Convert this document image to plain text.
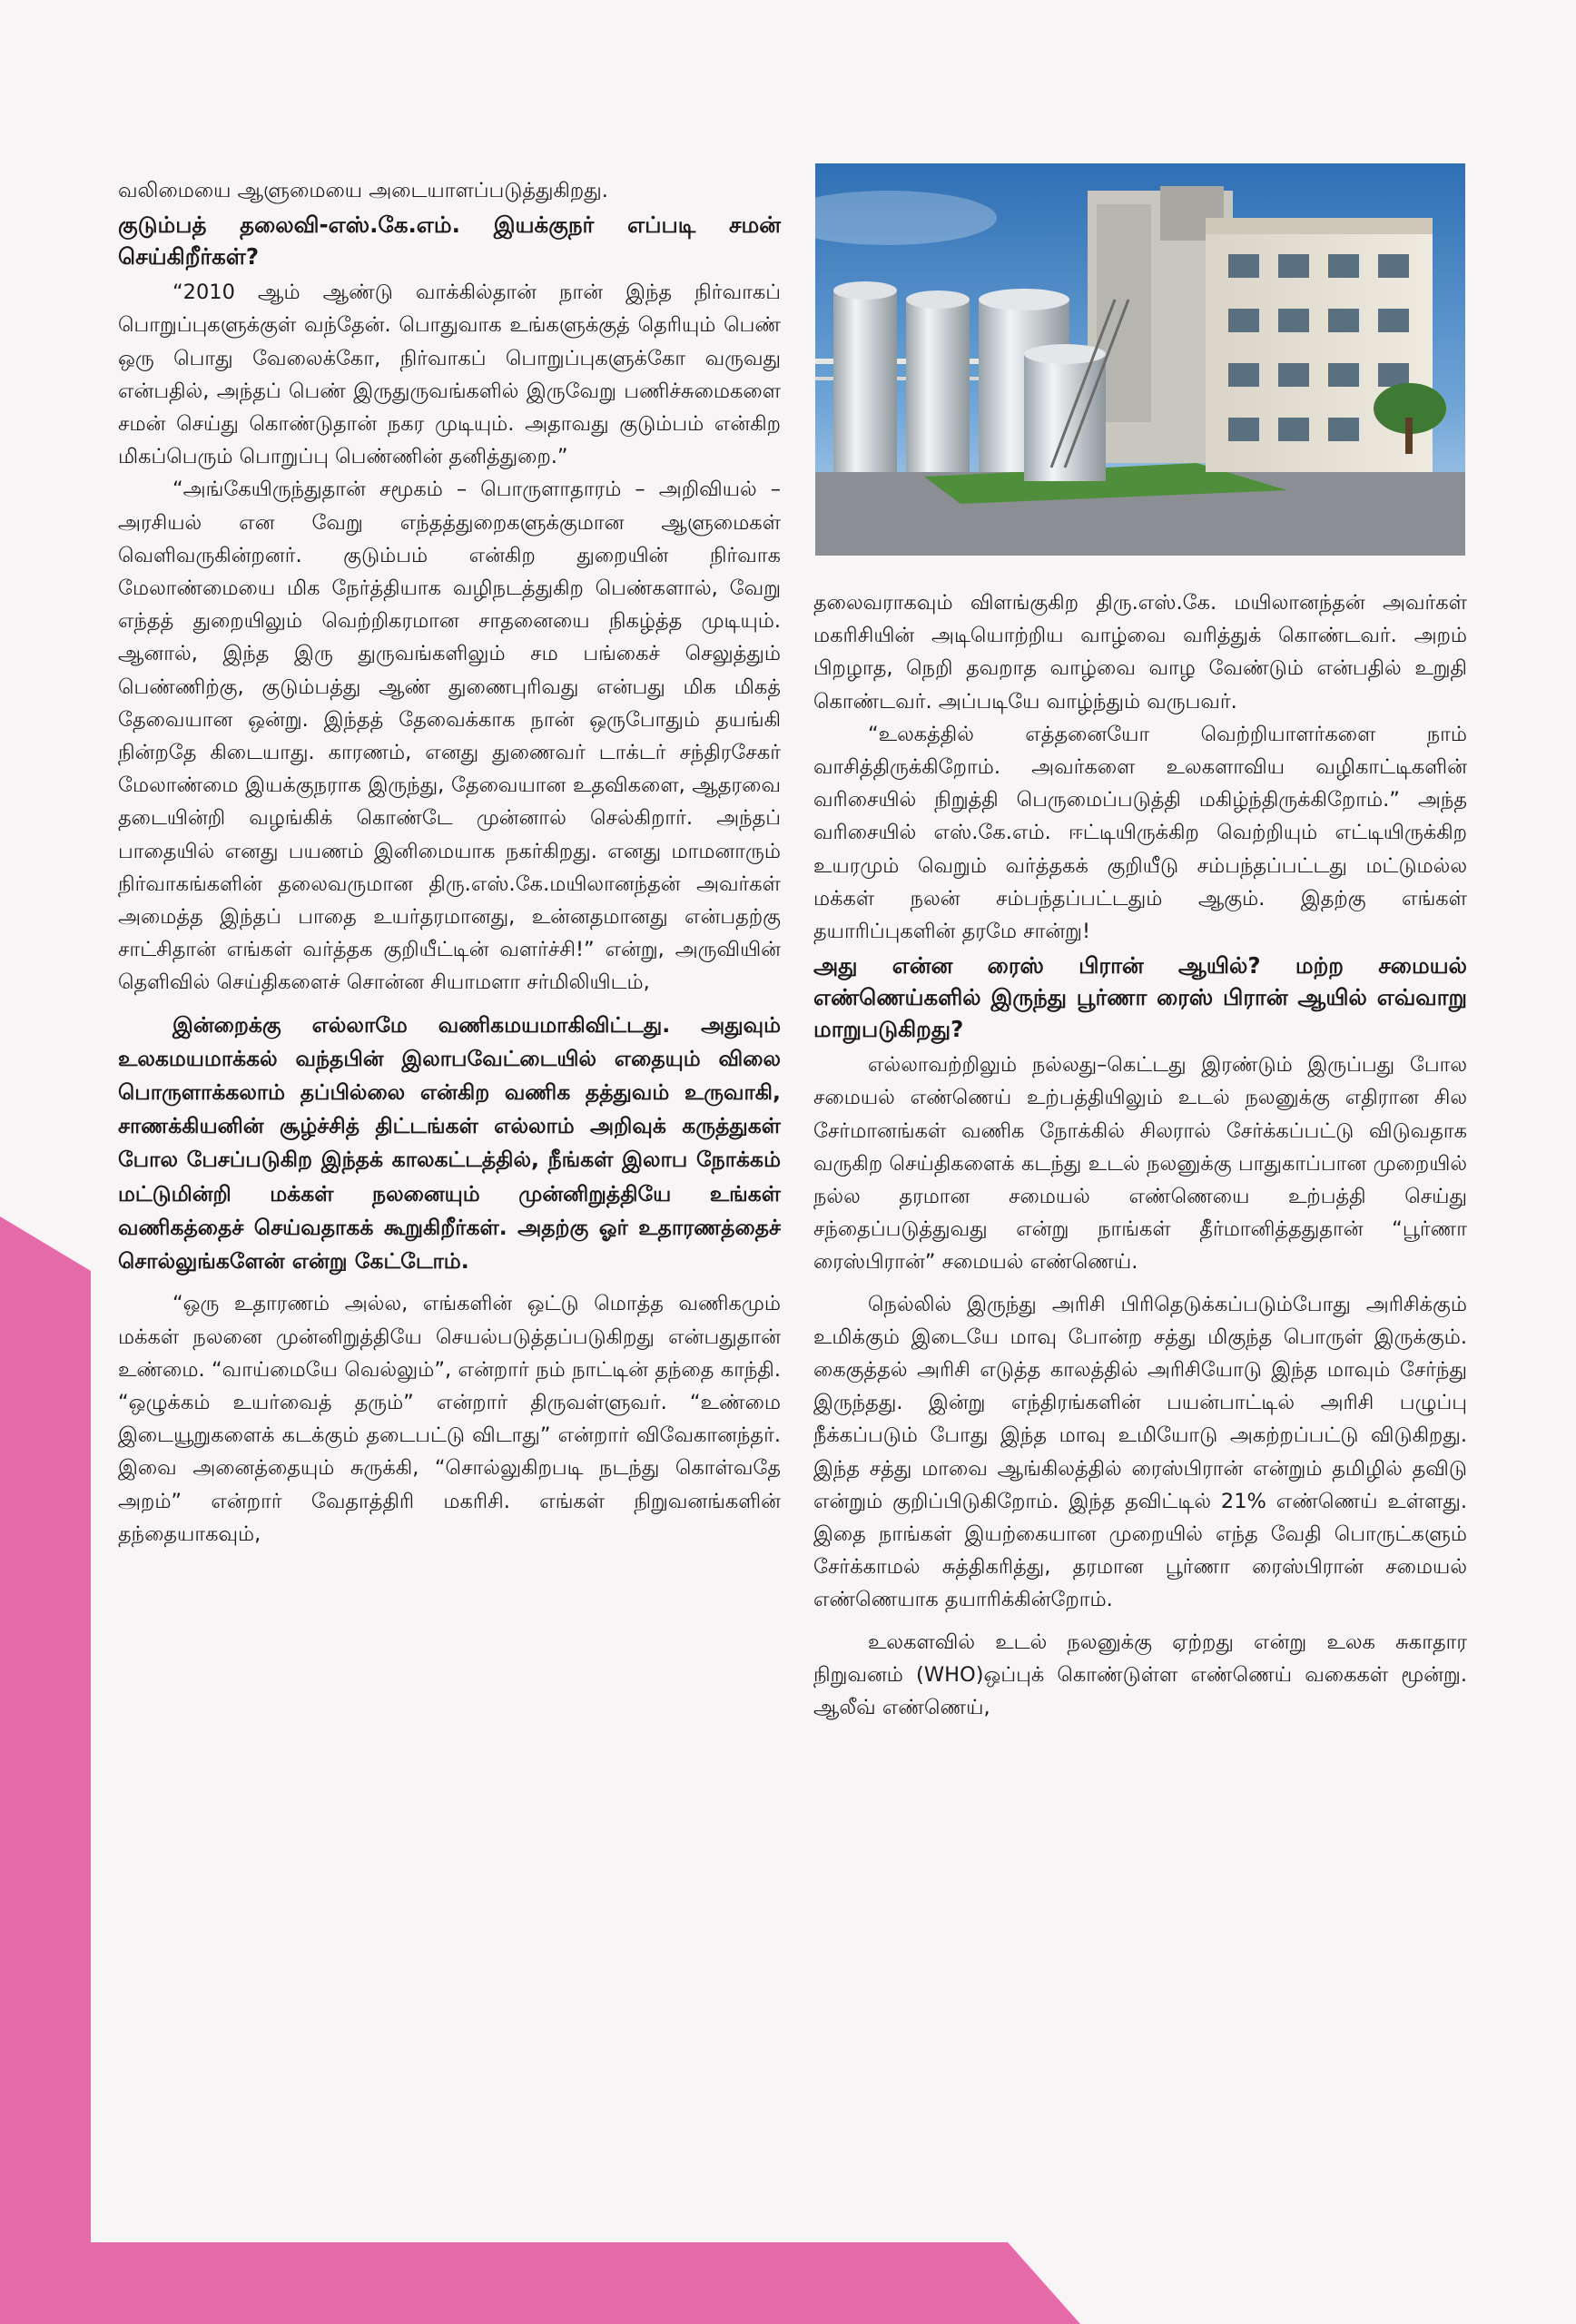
வலிமையை ஆளுமையை அடையாளப்படுத்துகிறது.

குடும்பத் தலைவி-எஸ்.கே.எம். இயக்குநர் எப்படி சமன் செய்கிறீர்கள்?

“2010 ஆம் ஆண்டு வாக்கில்தான் நான் இந்த நிர்வாகப் பொறுப்புகளுக்குள் வந்தேன். பொதுவாக உங்களுக்குத் தெரியும் பெண் ஒரு பொது வேலைக்கோ, நிர்வாகப் பொறுப்புகளுக்கோ வருவது என்பதில், அந்தப் பெண் இருதுருவங்களில் இருவேறு பணிச்சுமைகளை சமன் செய்து கொண்டுதான் நகர முடியும். அதாவது குடும்பம் என்கிற மிகப்பெரும் பொறுப்பு பெண்ணின் தனித்துறை.”

“அங்கேயிருந்துதான் சமூகம் – பொருளாதாரம் – அறிவியல் – அரசியல் என வேறு எந்தத்துறைகளுக்குமான ஆளுமைகள் வெளிவருகின்றனர். குடும்பம் என்கிற துறையின் நிர்வாக மேலாண்மையை மிக நேர்த்தியாக வழிநடத்துகிற பெண்களால், வேறு எந்தத் துறையிலும் வெற்றிகரமான சாதனையை நிகழ்த்த முடியும். ஆனால், இந்த இரு துருவங்களிலும் சம பங்கைச் செலுத்தும் பெண்ணிற்கு, குடும்பத்து ஆண் துணைபுரிவது என்பது மிக மிகத் தேவையான ஒன்று. இந்தத் தேவைக்காக நான் ஒருபோதும் தயங்கி நின்றதே கிடையாது. காரணம், எனது துணைவர் டாக்டர் சந்திரசேகர் மேலாண்மை இயக்குநராக இருந்து, தேவையான உதவிகளை, ஆதரவை தடையின்றி வழங்கிக் கொண்டே முன்னால் செல்கிறார். அந்தப் பாதையில் எனது பயணம் இனிமையாக நகர்கிறது. எனது மாமனாரும் நிர்வாகங்களின் தலைவருமான திரு.எஸ்.கே.மயிலானந்தன் அவர்கள் அமைத்த இந்தப் பாதை உயர்தரமானது, உன்னதமானது என்பதற்கு சாட்சிதான் எங்கள் வர்த்தக குறியீட்டின் வளர்ச்சி!” என்று, அருவியின் தெளிவில் செய்திகளைச் சொன்ன சியாமளா சர்மிலியிடம்,

இன்றைக்கு எல்லாமே வணிகமயமாகிவிட்டது. அதுவும் உலகமயமாக்கல் வந்தபின் இலாபவேட்டையில் எதையும் விலை பொருளாக்கலாம் தப்பில்லை என்கிற வணிக தத்துவம் உருவாகி, சாணக்கியனின் சூழ்ச்சித் திட்டங்கள் எல்லாம் அறிவுக் கருத்துகள் போல பேசப்படுகிற இந்தக் காலகட்டத்தில், நீங்கள் இலாப நோக்கம் மட்டுமின்றி மக்கள் நலனையும் முன்னிறுத்தியே உங்கள் வணிகத்தைச் செய்வதாகக் கூறுகிறீர்கள். அதற்கு ஓர் உதாரணத்தைச் சொல்லுங்களேன் என்று கேட்டோம்.

“ஒரு உதாரணம் அல்ல, எங்களின் ஒட்டு மொத்த வணிகமும் மக்கள் நலனை முன்னிறுத்தியே செயல்படுத்தப்படுகிறது என்பதுதான் உண்மை. “வாய்மையே வெல்லும்”, என்றார் நம் நாட்டின் தந்தை காந்தி. “ஒழுக்கம் உயர்வைத் தரும்” என்றார் திருவள்ளுவர். “உண்மை இடையூறுகளைக் கடக்கும் தடைபட்டு விடாது” என்றார் விவேகானந்தர். இவை அனைத்தையும் சுருக்கி, “சொல்லுகிறபடி நடந்து கொள்வதே அறம்” என்றார் வேதாத்திரி மகரிசி. எங்கள் நிறுவனங்களின் தந்தையாகவும்,

தலைவராகவும் விளங்குகிற திரு.எஸ்.கே. மயிலானந்தன் அவர்கள் மகரிசியின் அடியொற்றிய வாழ்வை வரித்துக் கொண்டவர். அறம் பிறழாத, நெறி தவறாத வாழ்வை வாழ வேண்டும் என்பதில் உறுதி கொண்டவர். அப்படியே வாழ்ந்தும் வருபவர்.

“உலகத்தில் எத்தனையோ வெற்றியாளர்களை நாம் வாசித்திருக்கிறோம். அவர்களை உலகளாவிய வழிகாட்டிகளின் வரிசையில் நிறுத்தி பெருமைப்படுத்தி மகிழ்ந்திருக்கிறோம்.” அந்த வரிசையில் எஸ்.கே.எம். ஈட்டியிருக்கிற வெற்றியும் எட்டியிருக்கிற உயரமும் வெறும் வர்த்தகக் குறியீடு சம்பந்தப்பட்டது மட்டுமல்ல மக்கள் நலன் சம்பந்தப்பட்டதும் ஆகும். இதற்கு எங்கள் தயாரிப்புகளின் தரமே சான்று!

அது என்ன ரைஸ் பிரான் ஆயில்? மற்ற சமையல் எண்ணெய்களில் இருந்து பூர்ணா ரைஸ் பிரான் ஆயில் எவ்வாறு மாறுபடுகிறது?

எல்லாவற்றிலும் நல்லது–கெட்டது இரண்டும் இருப்பது போல சமையல் எண்ணெய் உற்பத்தியிலும் உடல் நலனுக்கு எதிரான சில சேர்மானங்கள் வணிக நோக்கில் சிலரால் சேர்க்கப்பட்டு விடுவதாக வருகிற செய்திகளைக் கடந்து உடல் நலனுக்கு பாதுகாப்பான முறையில் நல்ல தரமான சமையல் எண்ணெயை உற்பத்தி செய்து சந்தைப்படுத்துவது என்று நாங்கள் தீர்மானித்ததுதான் “பூர்ணா ரைஸ்பிரான்” சமையல் எண்ணெய்.

நெல்லில் இருந்து அரிசி பிரிதெடுக்கப்படும்போது அரிசிக்கும் உமிக்கும் இடையே மாவு போன்ற சத்து மிகுந்த பொருள் இருக்கும். கைகுத்தல் அரிசி எடுத்த காலத்தில் அரிசியோடு இந்த மாவும் சேர்ந்து இருந்தது. இன்று எந்திரங்களின் பயன்பாட்டில் அரிசி பழுப்பு நீக்கப்படும் போது இந்த மாவு உமியோடு அகற்றப்பட்டு விடுகிறது. இந்த சத்து மாவை ஆங்கிலத்தில் ரைஸ்பிரான் என்றும் தமிழில் தவிடு என்றும் குறிப்பிடுகிறோம். இந்த தவிட்டில் 21% எண்ணெய் உள்ளது. இதை நாங்கள் இயற்கையான முறையில் எந்த வேதி பொருட்களும் சேர்க்காமல் சுத்திகரித்து, தரமான பூர்ணா ரைஸ்பிரான் சமையல் எண்ணெயாக தயாரிக்கின்றோம்.

உலகளவில் உடல் நலனுக்கு ஏற்றது என்று உலக சுகாதார நிறுவனம் (WHO)ஒப்புக் கொண்டுள்ள எண்ணெய் வகைகள் மூன்று. ஆலீவ் எண்ணெய்,
